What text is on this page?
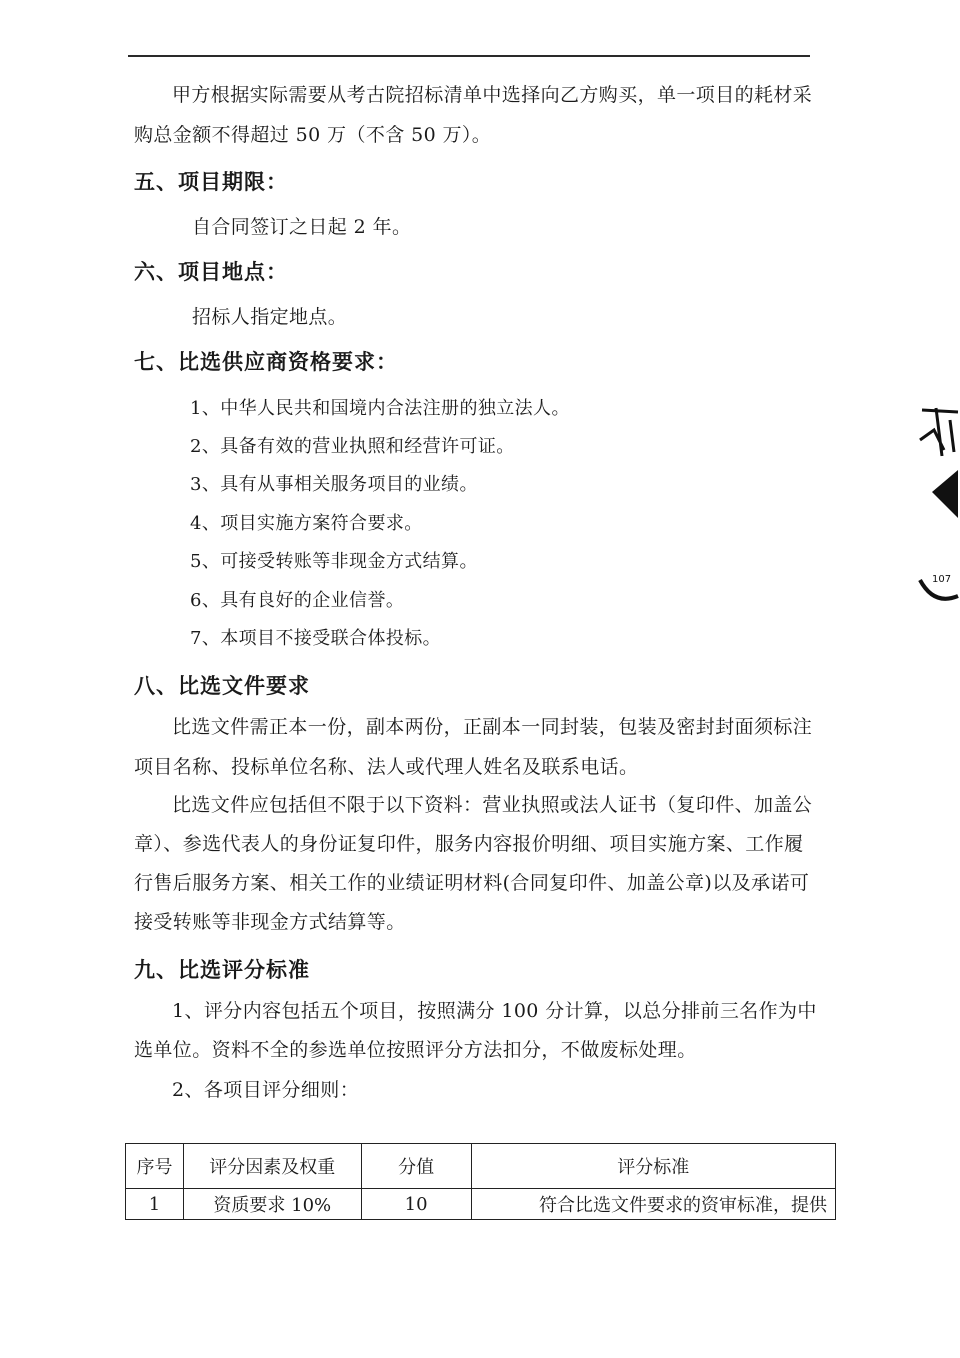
甲方根据实际需要从考古院招标清单中选择向乙方购买，单一项目的耗材采
购总金额不得超过 50 万（不含 50 万）。
五、项目期限：
自合同签订之日起 2 年。
六、项目地点：
招标人指定地点。
七、比选供应商资格要求：
1、中华人民共和国境内合法注册的独立法人。
2、具备有效的营业执照和经营许可证。
3、具有从事相关服务项目的业绩。
4、项目实施方案符合要求。
5、可接受转账等非现金方式结算。
6、具有良好的企业信誉。
7、本项目不接受联合体投标。
八、比选文件要求
比选文件需正本一份，副本两份，正副本一同封装，包装及密封封面须标注
项目名称、投标单位名称、法人或代理人姓名及联系电话。
比选文件应包括但不限于以下资料：营业执照或法人证书（复印件、加盖公
章）、参选代表人的身份证复印件，服务内容报价明细、项目实施方案、工作履
行售后服务方案、相关工作的业绩证明材料(合同复印件、加盖公章)以及承诺可
接受转账等非现金方式结算等。
九、比选评分标准
1、评分内容包括五个项目，按照满分 100 分计算，以总分排前三名作为中
选单位。资料不全的参选单位按照评分方法扣分，不做废标处理。
2、各项目评分细则：
序号	评分因素及权重	分值	评分标准
1	资质要求 10%	10	符合比选文件要求的资审标准，提供
107
